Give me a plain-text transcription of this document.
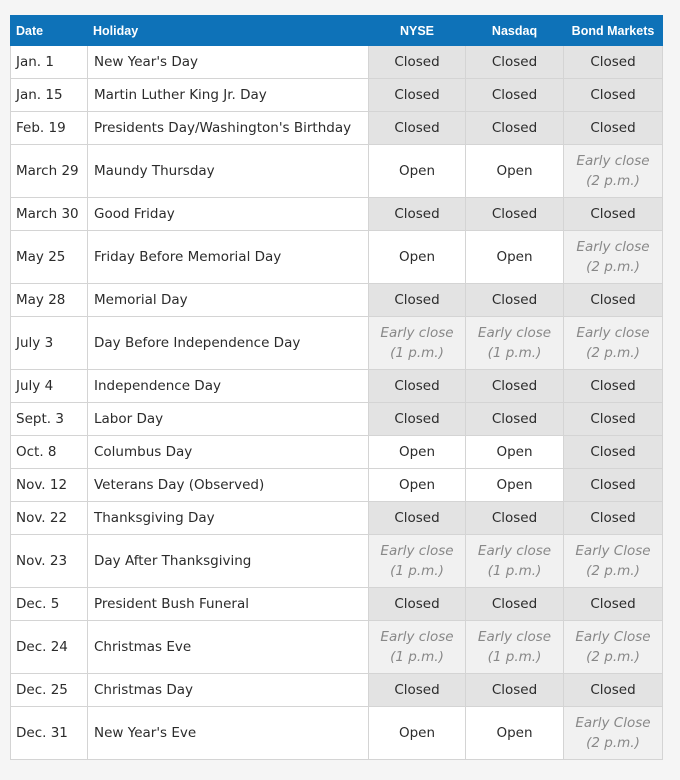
Date	Holiday	NYSE	Nasdaq	Bond Markets
Jan. 1	New Year's Day	Closed	Closed	Closed
Jan. 15	Martin Luther King Jr. Day	Closed	Closed	Closed
Feb. 19	Presidents Day/Washington's Birthday	Closed	Closed	Closed
March 29	Maundy Thursday	Open	Open	Early close
(2 p.m.)

March 30	Good Friday	Closed	Closed	Closed
May 25	Friday Before Memorial Day	Open	Open	Early close
(2 p.m.)

May 28	Memorial Day	Closed	Closed	Closed
July 3	Day Before Independence Day	Early close
(1 p.m.)	Early close
(1 p.m.)	Early close
(2 p.m.)

July 4	Independence Day	Closed	Closed	Closed
Sept. 3	Labor Day	Closed	Closed	Closed
Oct. 8	Columbus Day	Open	Open	Closed
Nov. 12	Veterans Day (Observed)	Open	Open	Closed
Nov. 22	Thanksgiving Day	Closed	Closed	Closed
Nov. 23	Day After Thanksgiving	Early close
(1 p.m.)	Early close
(1 p.m.)	Early Close
(2 p.m.)

Dec. 5	President Bush Funeral	Closed	Closed	Closed
Dec. 24	Christmas Eve	Early close
(1 p.m.)	Early close
(1 p.m.)	Early Close
(2 p.m.)

Dec. 25	Christmas Day	Closed	Closed	Closed
Dec. 31	New Year's Eve	Open	Open	Early Close
(2 p.m.)
